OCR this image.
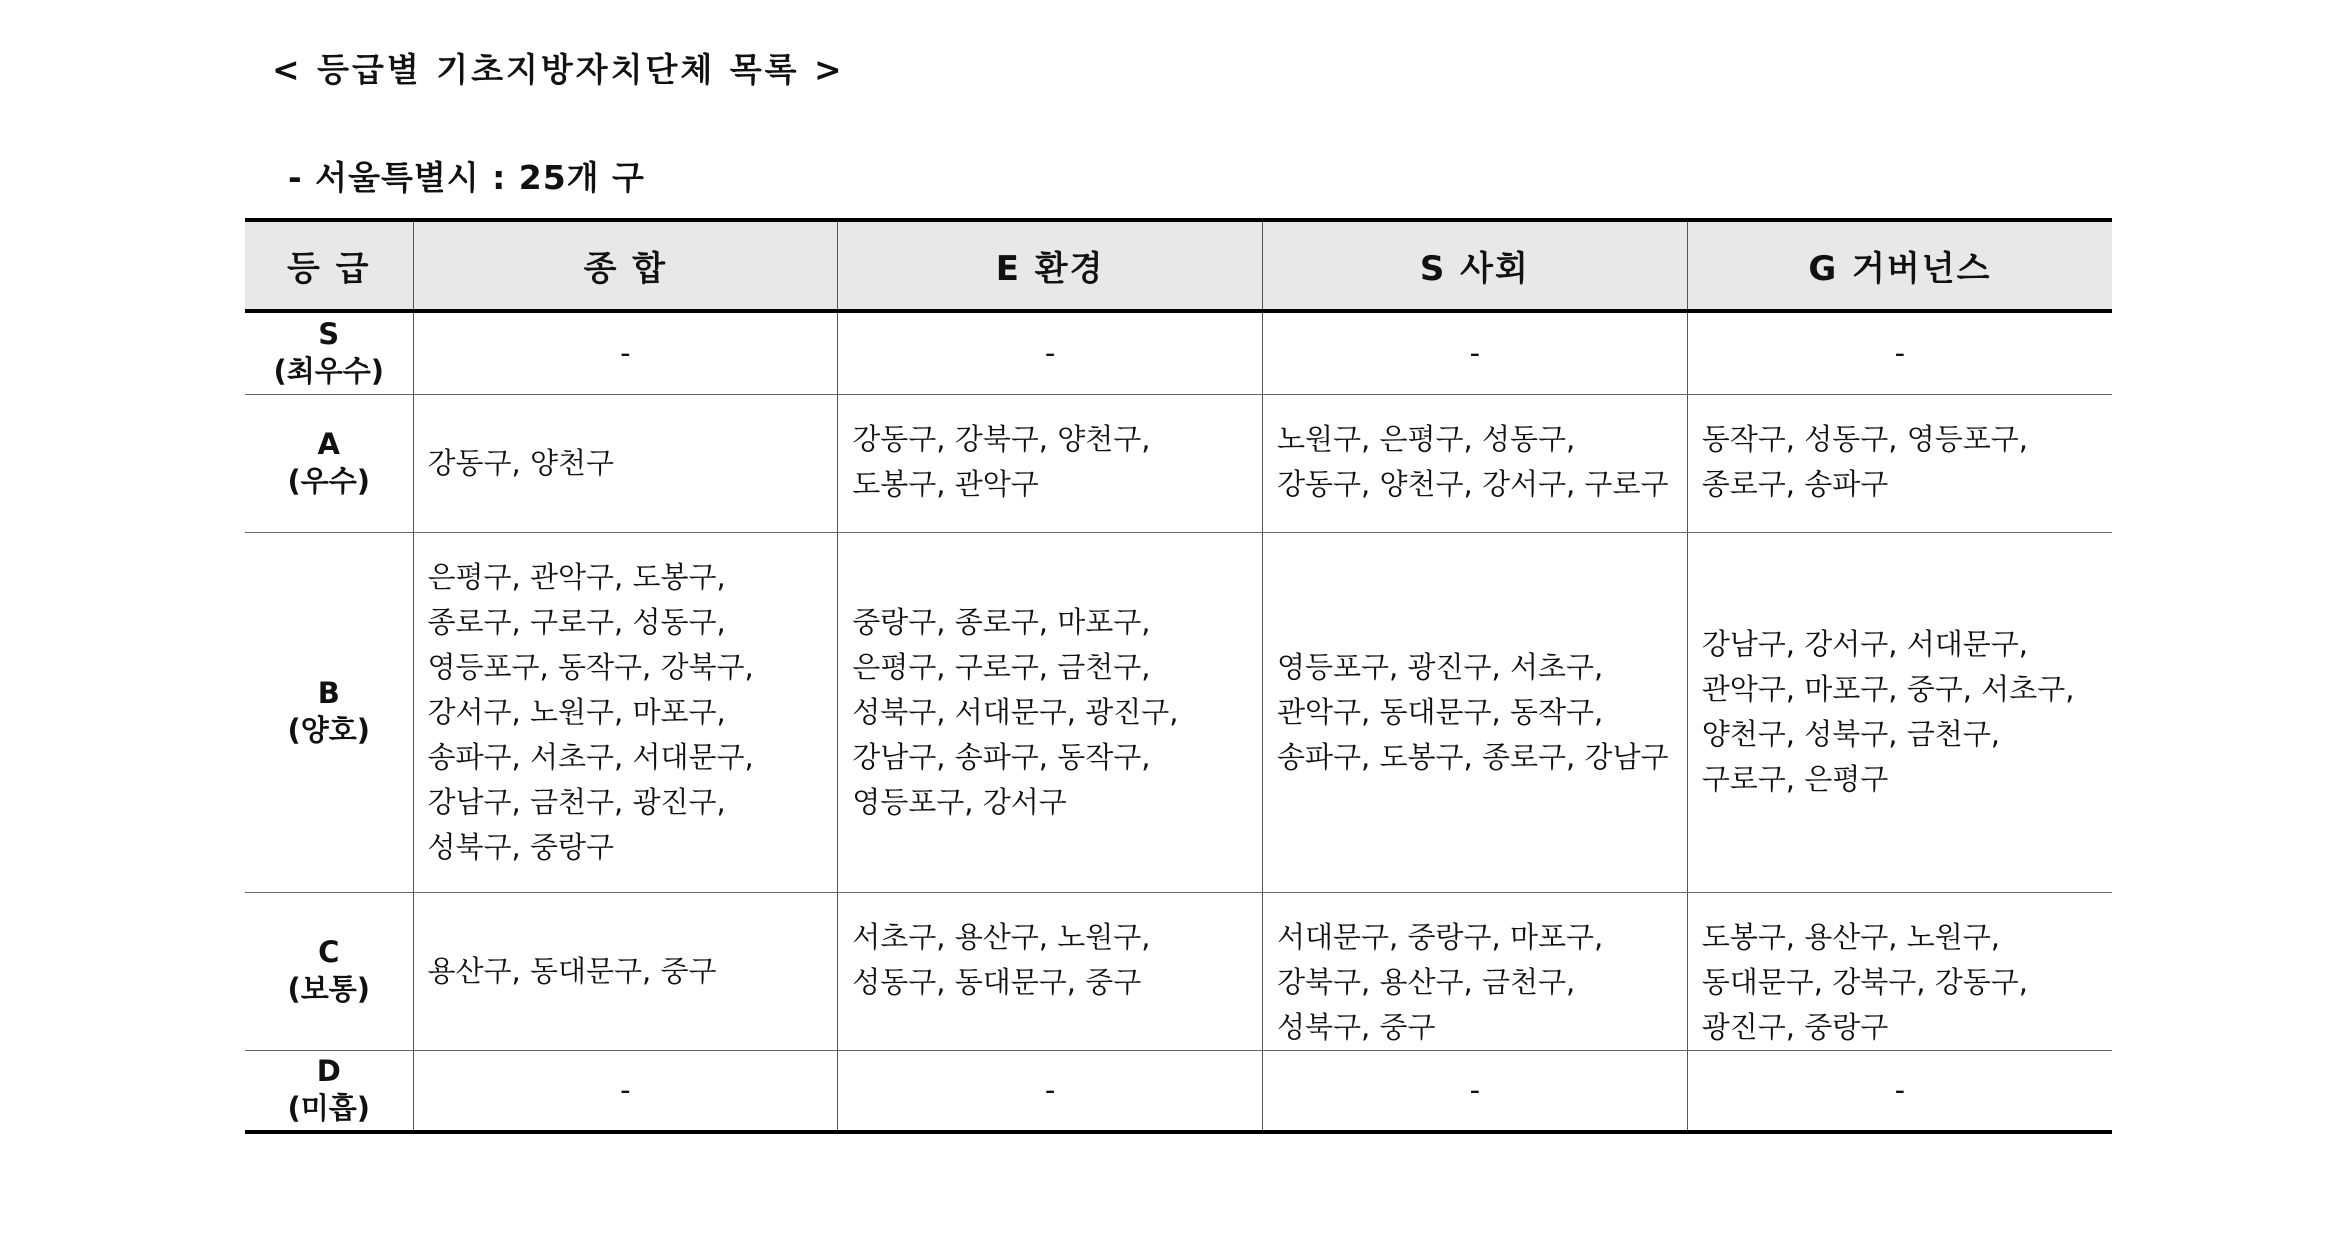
< 등급별 기초지방자치단체 목록 >
- 서울특별시 : 25개 구
등 급	종 합	E 환경	S 사회	G 거버넌스

S
(최우수)	-	-	-	-

A
(우수)	강동구, 양천구	강동구, 강북구, 양천구, 도봉구, 관악구	노원구, 은평구, 성동구, 강동구, 양천구, 강서구, 구로구	동작구, 성동구, 영등포구, 종로구, 송파구

B
(양호)	은평구, 관악구, 도봉구, 종로구, 구로구, 성동구, 영등포구, 동작구, 강북구, 강서구, 노원구, 마포구, 송파구, 서초구, 서대문구, 강남구, 금천구, 광진구, 성북구, 중랑구	중랑구, 종로구, 마포구, 은평구, 구로구, 금천구, 성북구, 서대문구, 광진구, 강남구, 송파구, 동작구, 영등포구, 강서구	영등포구, 광진구, 서초구, 관악구, 동대문구, 동작구, 송파구, 도봉구, 종로구, 강남구	강남구, 강서구, 서대문구, 관악구, 마포구, 중구, 서초구, 양천구, 성북구, 금천구, 구로구, 은평구

C
(보통)	용산구, 동대문구, 중구	서초구, 용산구, 노원구, 성동구, 동대문구, 중구	서대문구, 중랑구, 마포구, 강북구, 용산구, 금천구, 성북구, 중구	도봉구, 용산구, 노원구, 동대문구, 강북구, 강동구, 광진구, 중랑구

D
(미흡)	-	-	-	-
